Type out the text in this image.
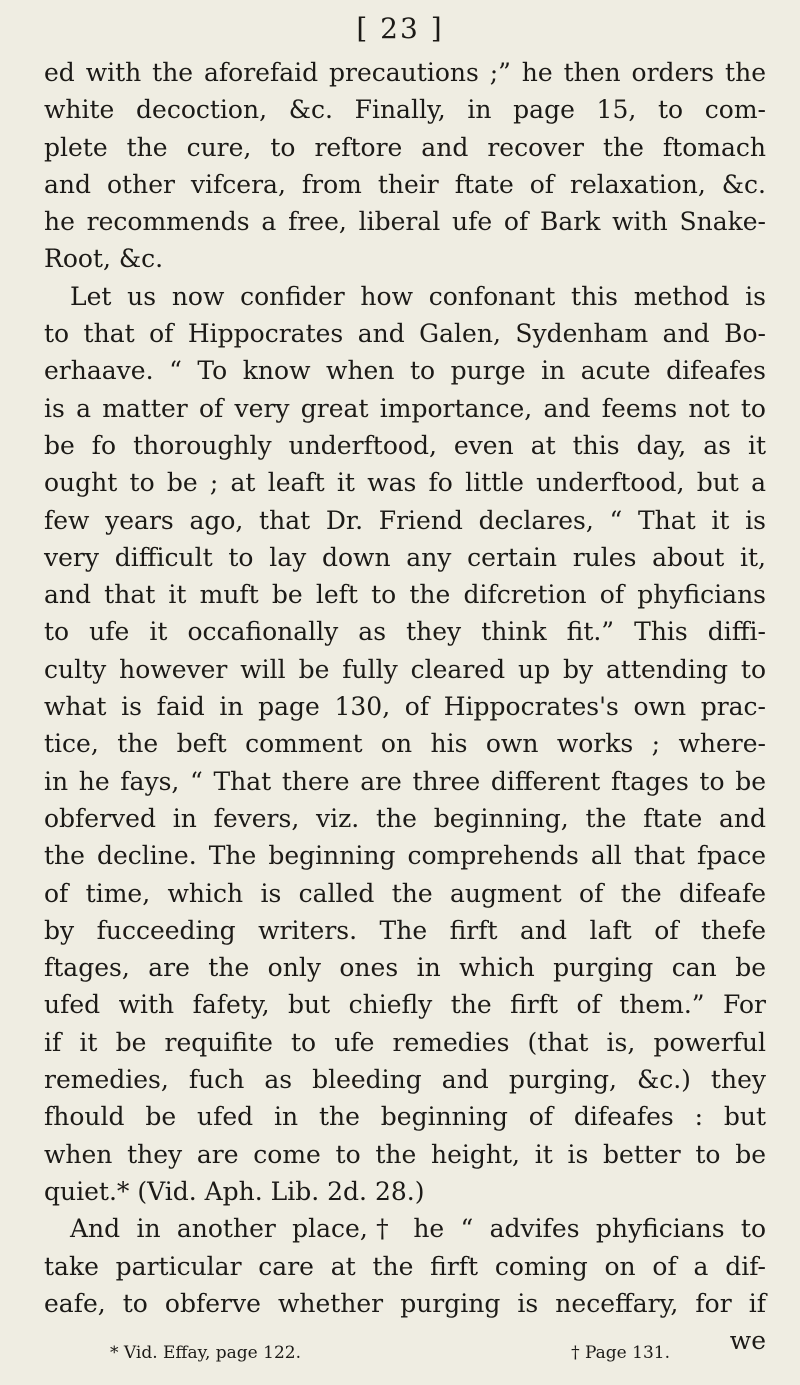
[ 23 ]
ed with the aforefaid precautions ;” he then orders the
white decoction, &c. Finally, in page 15, to com-
plete the cure, to reftore and recover the ftomach
and other vifcera, from their ftate of relaxation, &c.
he recommends a free, liberal ufe of Bark with Snake-
Root, &c.
Let us now confider how confonant this method is
to that of Hippocrates and Galen, Sydenham and Bo-
erhaave. “ To know when to purge in acute difeafes
is a matter of very great importance, and feems not to
be fo thoroughly underftood, even at this day, as it
ought to be ; at leaft it was fo little underftood, but a
few years ago, that Dr. Friend declares, “ That it is
very difficult to lay down any certain rules about it,
and that it muft be left to the difcretion of phyficians
to ufe it occafionally as they think fit.” This diffi-
culty however will be fully cleared up by attending to
what is faid in page 130, of Hippocrates's own prac-
tice, the beft comment on his own works ; where-
in he fays, “ That there are three different ftages to be
obferved in fevers, viz. the beginning, the ftate and
the decline. The beginning comprehends all that fpace
of time, which is called the augment of the difeafe
by fucceeding writers. The firft and laft of thefe
ftages, are the only ones in which purging can be
ufed with fafety, but chiefly the firft of them.” For
if it be requifite to ufe remedies (that is, powerful
remedies, fuch as bleeding and purging, &c.) they
fhould be ufed in the beginning of difeafes : but
when they are come to the height, it is better to be
quiet.* (Vid. Aph. Lib. 2d. 28.)
And in another place,† he “ advifes phyficians to
take particular care at the firft coming on of a dif-
eafe, to obferve whether purging is neceffary, for if
we
* Vid. Effay, page 122.	† Page 131.
